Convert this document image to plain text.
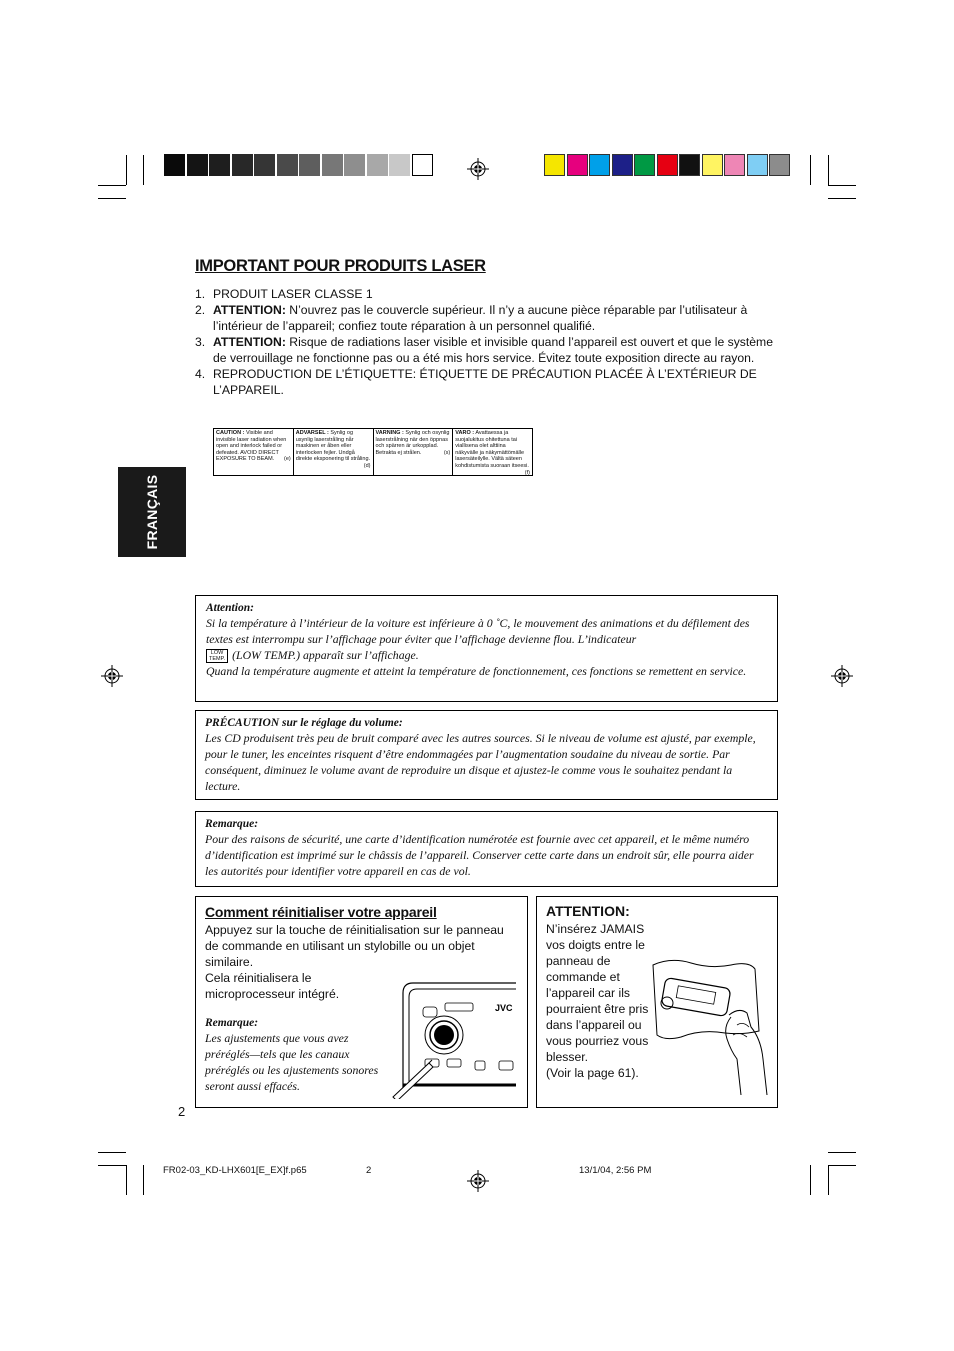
IMPORTANT POUR PRODUITS LASER
1. PRODUIT LASER CLASSE 1
2. ATTENTION: N’ouvrez pas le couvercle supérieur. Il n’y a aucune pièce réparable par l’utilisateur à l’intérieur de l’appareil; confiez toute réparation à un personnel qualifié.
3. ATTENTION: Risque de radiations laser visible et invisible quand l’appareil est ouvert et que le système de verrouillage ne fonctionne pas ou a été mis hors service. Évitez toute exposition directe au rayon.
4. REPRODUCTION DE L’ÉTIQUETTE: ÉTIQUETTE DE PRÉCAUTION PLACÉE À L’EXTÉRIEUR DE L’APPAREIL.
CAUTION : Visible and invisible laser radiation when open and interlock failed or defeated. AVOID DIRECT EXPOSURE TO BEAM. (e)
ADVARSEL : Synlig og usynlig laserstråling når maskinen er åben eller interlocken fejler. Undgå direkte eksponering til stråling.
(d)
VARNING : Synlig och osynlig laserstrålning när den öppnas och spärren är urkopplad. Betrakta ej strålen.	(s)
VARO : Avattaessa ja suojalukitus ohitettuna tai viallisena olet alttiina näkyvälle ja näkymättömälle lasersäteilylle. Vältä säteen kohdistumista suoraan itseesi.
(f)
FRANÇAIS
Attention:
Si la température à l’intérieur de la voiture est inférieure à 0 ˚C, le mouvement des animations et du défilement des textes est interrompu sur l’affichage pour éviter que l’affichage devienne flou. L’indicateur
LOW
TEMP. (LOW TEMP.) apparaît sur l’affichage.
Quand la température augmente et atteint la température de fonctionnement, ces fonctions se remettent en service.
PRÉCAUTION sur le réglage du volume:
Les CD produisent très peu de bruit comparé avec les autres sources. Si le niveau de volume est ajusté, par exemple, pour le tuner, les enceintes risquent d’être endommagées par l’augmentation soudaine du niveau de sortie. Par conséquent, diminuez le volume avant de reproduire un disque et ajustez-le comme vous le souhaitez pendant la lecture.
Remarque:
Pour des raisons de sécurité, une carte d’identification numérotée est fournie avec cet appareil, et le même numéro d’identification est imprimé sur le châssis de l’appareil. Conserver cette carte dans un endroit sûr, elle pourra aider les autorités pour identifier votre appareil en cas de vol.
Comment réinitialiser votre appareil
Appuyez sur la touche de réinitialisation sur le panneau de commande en utilisant un stylobille ou un objet similaire.
Cela réinitialisera le microprocesseur intégré.
Remarque:
Les ajustements que vous avez préréglés—tels que les canaux préréglés ou les ajustements sonores seront aussi effacés.
JVC
ATTENTION:
N’insérez JAMAIS vos doigts entre le panneau de commande et l’appareil car ils pourraient être pris dans l’appareil ou vous pourriez vous blesser.
(Voir la page 61).
2
FR02-03_KD-LHX601[E_EX]f.p65	2	13/1/04, 2:56 PM
